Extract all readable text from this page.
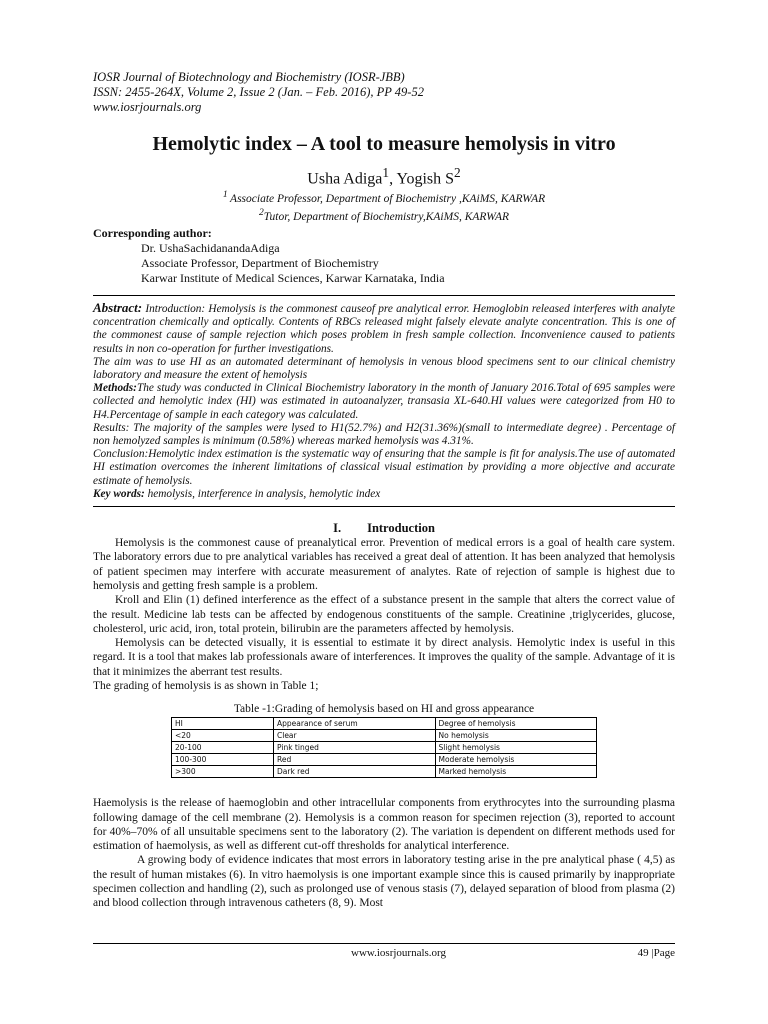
IOSR Journal of Biotechnology and Biochemistry (IOSR-JBB)
ISSN: 2455-264X, Volume 2, Issue 2 (Jan. – Feb. 2016), PP 49-52
www.iosrjournals.org
Hemolytic index – A tool to measure hemolysis in vitro
Usha Adiga$^1$, Yogish $S^2$
$^1$ Associate Professor, Department of Biochemistry ,KAiMS, KARWAR
$^2$Tutor, Department of Biochemistry,KAiMS, KARWAR
Corresponding author:
Dr. UshaSachidanandaAdiga
Associate Professor, Department of Biochemistry
Karwar Institute of Medical Sciences, Karwar Karnataka, India
Abstract: Introduction: Hemolysis is the commonest causeof pre analytical error. Hemoglobin released interferes with analyte concentration chemically and optically. Contents of RBCs released might falsely elevate analyte concentration. This is one of the commonest cause of sample rejection which poses problem in fresh sample collection. Inconvenience caused to patients results in non co-operation for further investigations.
The aim was to use HI as an automated determinant of hemolysis in venous blood specimens sent to our clinical chemistry laboratory and measure the extent of hemolysis
Methods:The study was conducted in Clinical Biochemistry laboratory in the month of January 2016.Total of 695 samples were collected and hemolytic index (HI) was estimated in autoanalyzer, transasia XL-640.HI values were categorized from H0 to H4.Percentage of sample in each category was calculated.
Results: The majority of the samples were lysed to H1(52.7%) and H2(31.36%)(small to intermediate degree) . Percentage of non hemolyzed samples is minimum (0.58%) whereas marked hemolysis was 4.31%.
Conclusion:Hemolytic index estimation is the systematic way of ensuring that the sample is fit for analysis.The use of automated HI estimation overcomes the inherent limitations of classical visual estimation by providing a more objective and accurate estimate of hemolysis.
Key words: hemolysis, interference in analysis, hemolytic index
I. Introduction

Hemolysis is the commonest cause of preanalytical error. Prevention of medical errors is a goal of health care system. The laboratory errors due to pre analytical variables has received a great deal of attention. It has been analyzed that hemolysis of patient specimen may interfere with accurate measurement of analytes. Rate of rejection of sample is highest due to hemolysis and getting fresh sample is a problem.

Kroll and Elin (1) defined interference as the effect of a substance present in the sample that alters the correct value of the result. Medicine lab tests can be affected by endogenous constituents of the sample. Creatinine ,triglycerides, glucose, cholesterol, uric acid, iron, total protein, bilirubin are the parameters affected by hemolysis.

Hemolysis can be detected visually, it is essential to estimate it by direct analysis. Hemolytic index is useful in this regard. It is a tool that makes lab professionals aware of interferences. It improves the quality of the sample. Advantage of it is that it minimizes the aberrant test results.

The grading of hemolysis is as shown in Table 1;

Table -1:Grading of hemolysis based on HI and gross appearance
HI	Appearance of serum	Degree of hemolysis
<20	Clear	No hemolysis
20-100	Pink tinged	Slight hemolysis
100-300	Red	Moderate hemolysis
>300	Dark red	Marked hemolysis

Haemolysis is the release of haemoglobin and other intracellular components from erythrocytes into the surrounding plasma following damage of the cell membrane (2). Hemolysis is a common reason for specimen rejection (3), reported to account for 40%–70% of all unsuitable specimens sent to the laboratory (2). The variation is dependent on different methods used for estimation of haemolysis, as well as different cut-off thresholds for analytical interference.

A growing body of evidence indicates that most errors in laboratory testing arise in the pre analytical phase ( 4,5) as the result of human mistakes (6). In vitro haemolysis is one important example since this is caused primarily by inappropriate specimen collection and handling (2), such as prolonged use of venous stasis (7), delayed separation of blood from plasma (2) and blood collection through intravenous catheters (8, 9). Most

www.iosrjournals.org	49 |Page
